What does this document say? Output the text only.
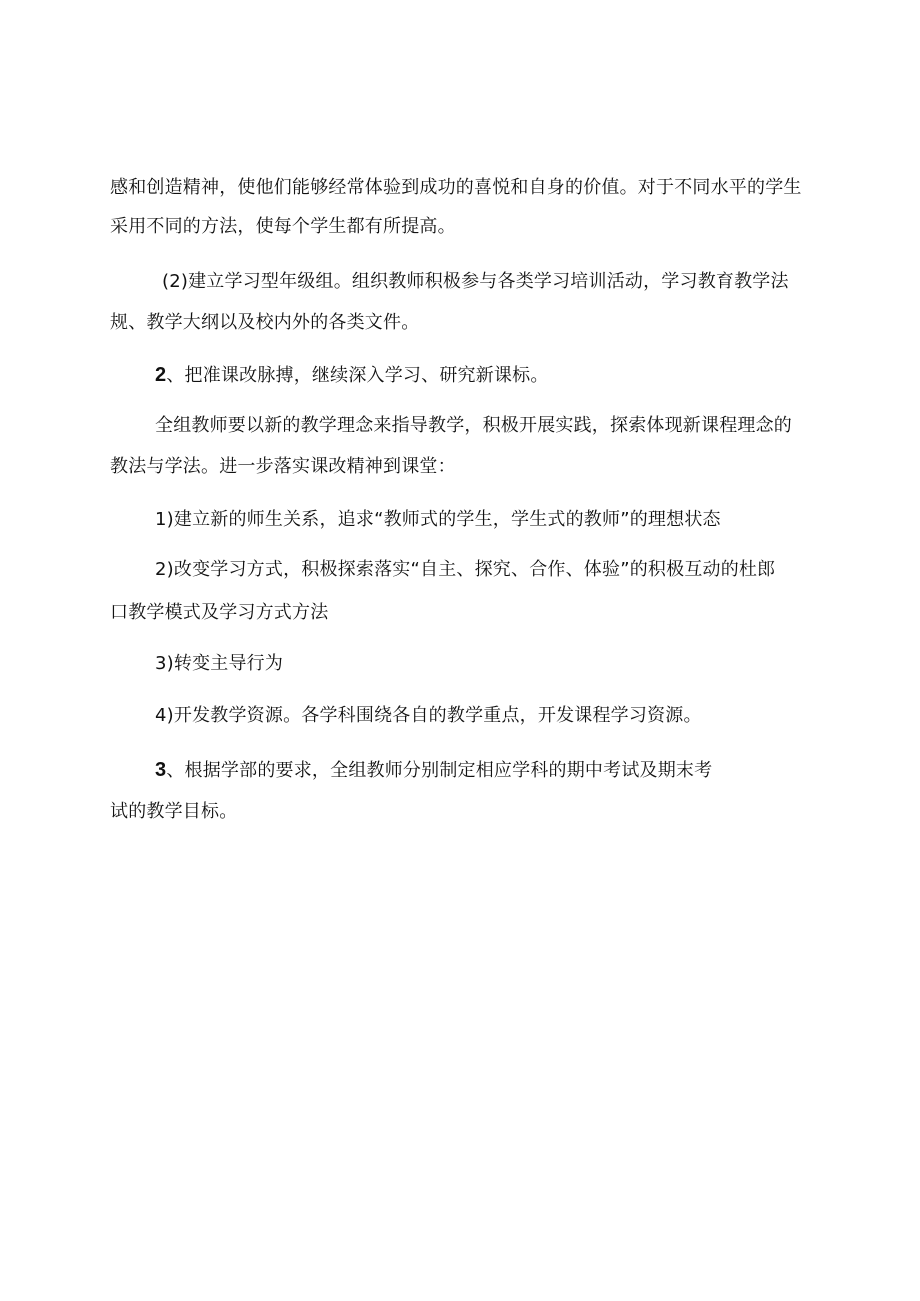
感和创造精神，使他们能够经常体验到成功的喜悦和自身的价值。对于不同水平的学生
采用不同的方法，使每个学生都有所提高。
(2)建立学习型年级组。组织教师积极参与各类学习培训活动，学习教育教学法
规、教学大纲以及校内外的各类文件。
2、把准课改脉搏，继续深入学习、研究新课标。
全组教师要以新的教学理念来指导教学，积极开展实践，探索体现新课程理念的
教法与学法。进一步落实课改精神到课堂：
1)建立新的师生关系，追求“教师式的学生，学生式的教师”的理想状态
2)改变学习方式，积极探索落实“自主、探究、合作、体验”的积极互动的杜郎
口教学模式及学习方式方法
3)转变主导行为
4)开发教学资源。各学科围绕各自的教学重点，开发课程学习资源。
3、根据学部的要求，全组教师分别制定相应学科的期中考试及期末考
试的教学目标。
